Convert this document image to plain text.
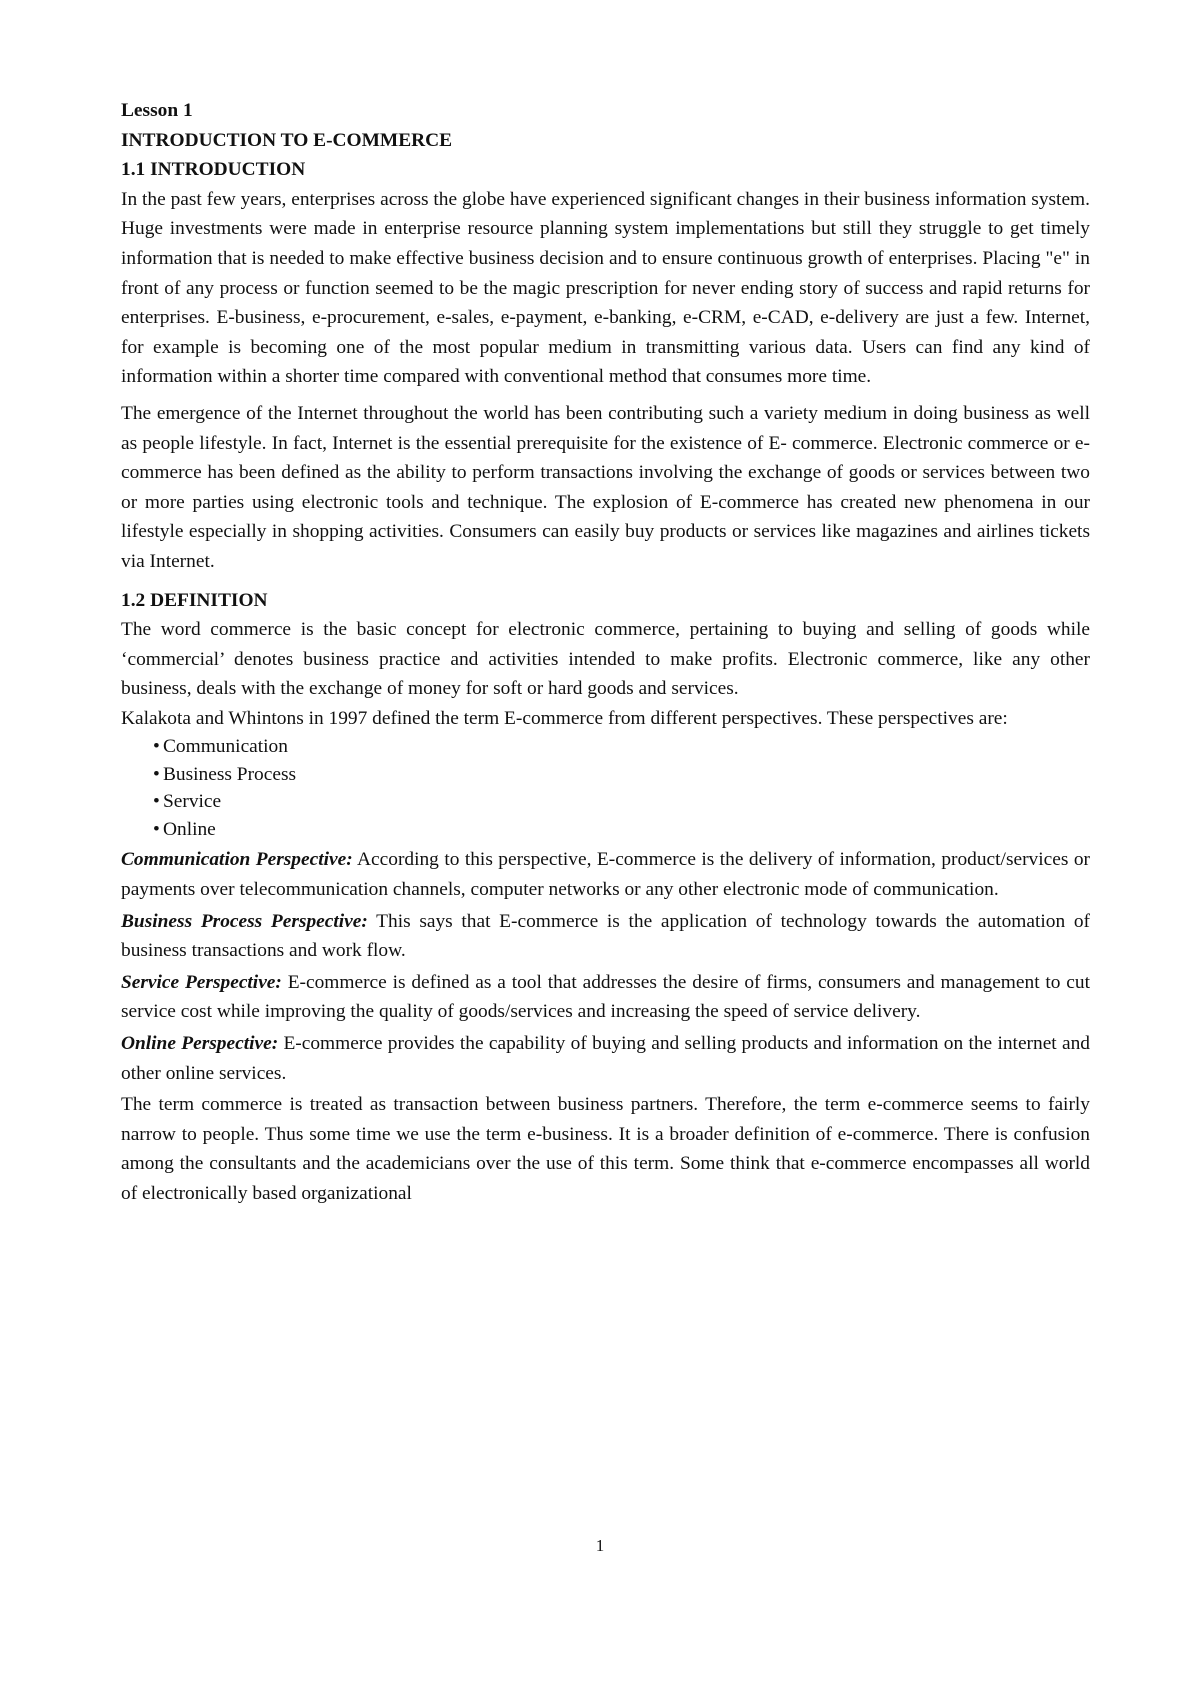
Lesson 1

INTRODUCTION TO E-COMMERCE

1.1 INTRODUCTION

In the past few years, enterprises across the globe have experienced significant changes in their business information system. Huge investments were made in enterprise resource planning system implementations but still they struggle to get timely information that is needed to make effective business decision and to ensure continuous growth of enterprises. Placing "e" in front of any process or function seemed to be the magic prescription for never ending story of success and rapid returns for enterprises. E-business, e-procurement, e-sales, e-payment, e-banking, e-CRM, e-CAD, e-delivery are just a few. Internet, for example is becoming one of the most popular medium in transmitting various data. Users can find any kind of information within a shorter time compared with conventional method that consumes more time.

The emergence of the Internet throughout the world has been contributing such a variety medium in doing business as well as people lifestyle. In fact, Internet is the essential prerequisite for the existence of E- commerce. Electronic commerce or e-commerce has been defined as the ability to perform transactions involving the exchange of goods or services between two or more parties using electronic tools and technique. The explosion of E-commerce has created new phenomena in our lifestyle especially in shopping activities. Consumers can easily buy products or services like magazines and airlines tickets via Internet.

1.2 DEFINITION

The word commerce is the basic concept for electronic commerce, pertaining to buying and selling of goods while ‘commercial’ denotes business practice and activities intended to make profits. Electronic commerce, like any other business, deals with the exchange of money for soft or hard goods and services.

Kalakota and Whintons in 1997 defined the term E-commerce from different perspectives. These perspectives are:

• Communication
• Business Process
• Service
• Online

Communication Perspective: According to this perspective, E-commerce is the delivery of information, product/services or payments over telecommunication channels, computer networks or any other electronic mode of communication.

Business Process Perspective: This says that E-commerce is the application of technology towards the automation of business transactions and work flow.

Service Perspective: E-commerce is defined as a tool that addresses the desire of firms, consumers and management to cut service cost while improving the quality of goods/services and increasing the speed of service delivery.

Online Perspective: E-commerce provides the capability of buying and selling products and information on the internet and other online services.

The term commerce is treated as transaction between business partners. Therefore, the term e-commerce seems to fairly narrow to people. Thus some time we use the term e-business. It is a broader definition of e-commerce. There is confusion among the consultants and the academicians over the use of this term. Some think that e-commerce encompasses all world of electronically based organizational

1
